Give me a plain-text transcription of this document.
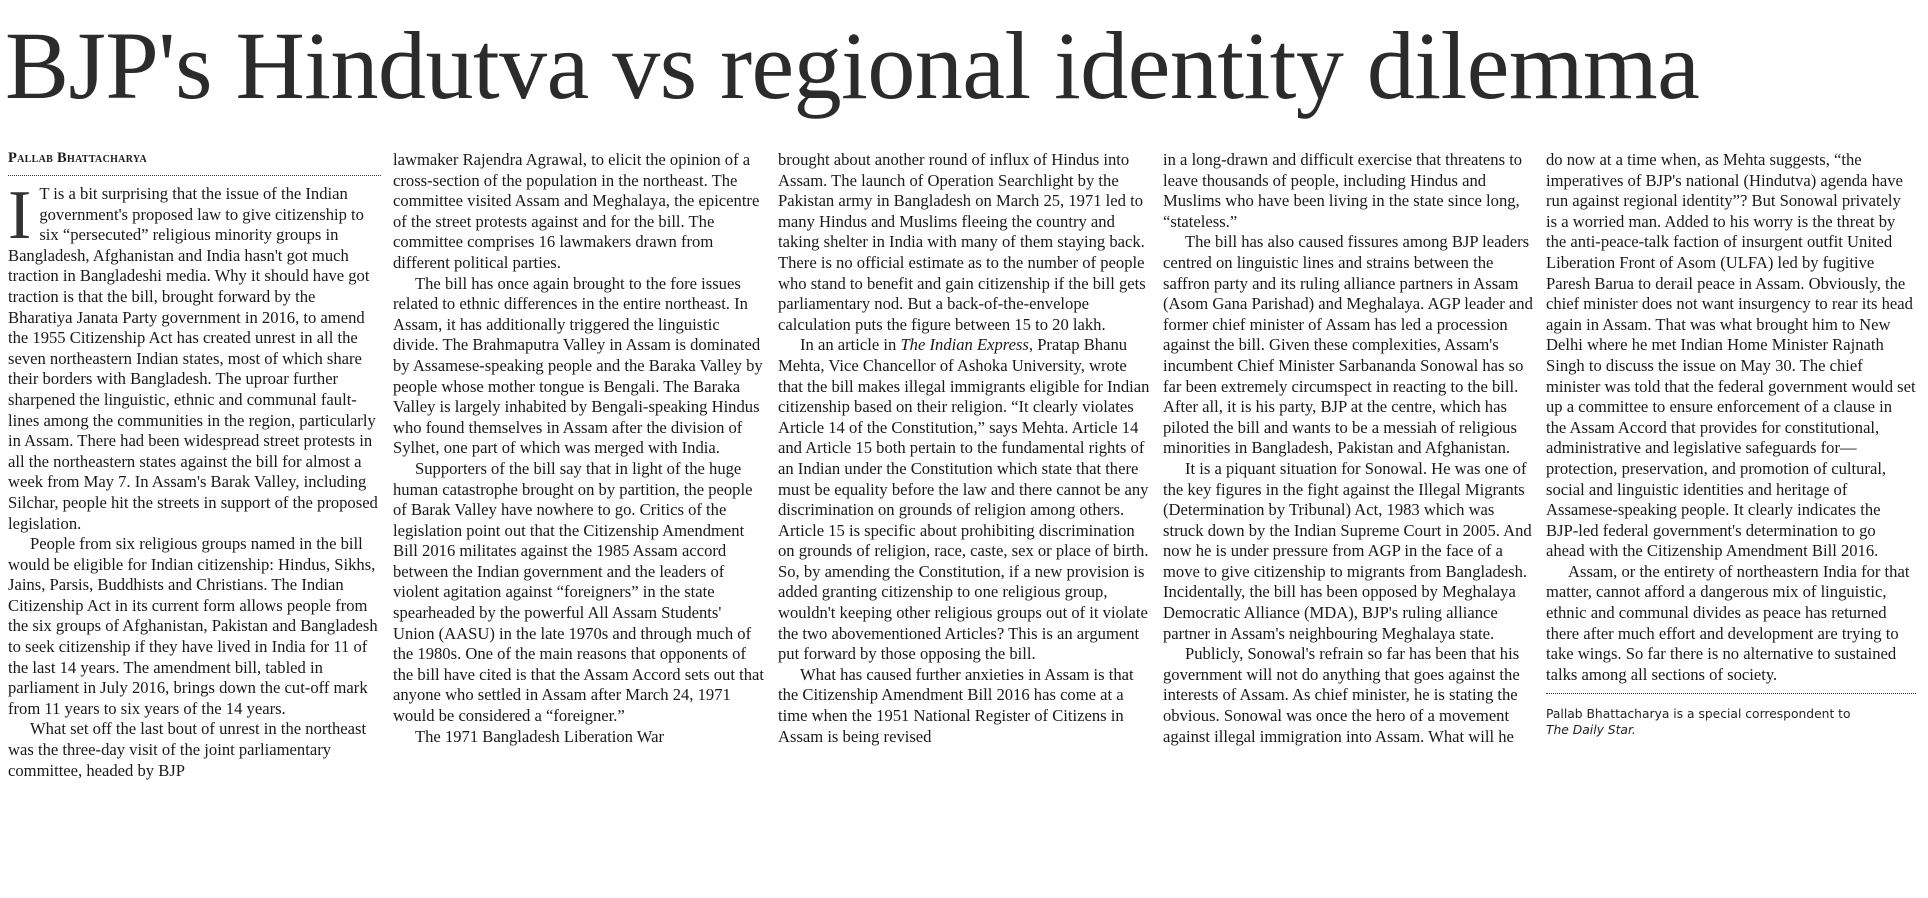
BJP's Hindutva vs regional identity dilemma
Pallab Bhattacharya

I T is a bit surprising that the issue of the Indian government's proposed law to give citizenship to six “persecuted” religious minority groups in Bangladesh, Afghanistan and India hasn't got much traction in Bangladeshi media. Why it should have got traction is that the bill, brought forward by the Bharatiya Janata Party government in 2016, to amend the 1955 Citizenship Act has created unrest in all the seven northeastern Indian states, most of which share their borders with Bangladesh. The uproar further sharpened the linguistic, ethnic and communal fault-lines among the communities in the region, particularly in Assam. There had been widespread street protests in all the northeastern states against the bill for almost a week from May 7. In Assam's Barak Valley, including Silchar, people hit the streets in support of the proposed legislation.

People from six religious groups named in the bill would be eligible for Indian citizenship: Hindus, Sikhs, Jains, Parsis, Buddhists and Christians. The Indian Citizenship Act in its current form allows people from the six groups of Afghanistan, Pakistan and Bangladesh to seek citizenship if they have lived in India for 11 of the last 14 years. The amendment bill, tabled in parliament in July 2016, brings down the cut-off mark from 11 years to six years of the 14 years.

What set off the last bout of unrest in the northeast was the three-day visit of the joint parliamentary committee, headed by BJP

lawmaker Rajendra Agrawal, to elicit the opinion of a cross-section of the population in the northeast. The committee visited Assam and Meghalaya, the epicentre of the street protests against and for the bill. The committee comprises 16 lawmakers drawn from different political parties.

The bill has once again brought to the fore issues related to ethnic differences in the entire northeast. In Assam, it has additionally triggered the linguistic divide. The Brahmaputra Valley in Assam is dominated by Assamese-speaking people and the Baraka Valley by people whose mother tongue is Bengali. The Baraka Valley is largely inhabited by Bengali-speaking Hindus who found themselves in Assam after the division of Sylhet, one part of which was merged with India.

Supporters of the bill say that in light of the huge human catastrophe brought on by partition, the people of Barak Valley have nowhere to go. Critics of the legislation point out that the Citizenship Amendment Bill 2016 militates against the 1985 Assam accord between the Indian government and the leaders of violent agitation against “foreigners” in the state spearheaded by the powerful All Assam Students' Union (AASU) in the late 1970s and through much of the 1980s. One of the main reasons that opponents of the bill have cited is that the Assam Accord sets out that anyone who settled in Assam after March 24, 1971 would be considered a “foreigner.”

The 1971 Bangladesh Liberation War

brought about another round of influx of Hindus into Assam. The launch of Operation Searchlight by the Pakistan army in Bangladesh on March 25, 1971 led to many Hindus and Muslims fleeing the country and taking shelter in India with many of them staying back. There is no official estimate as to the number of people who stand to benefit and gain citizenship if the bill gets parliamentary nod. But a back-of-the-envelope calculation puts the figure between 15 to 20 lakh.

In an article in The Indian Express, Pratap Bhanu Mehta, Vice Chancellor of Ashoka University, wrote that the bill makes illegal immigrants eligible for Indian citizenship based on their religion. “It clearly violates Article 14 of the Constitution,” says Mehta. Article 14 and Article 15 both pertain to the fundamental rights of an Indian under the Constitution which state that there must be equality before the law and there cannot be any discrimination on grounds of religion among others. Article 15 is specific about prohibiting discrimination on grounds of religion, race, caste, sex or place of birth. So, by amending the Constitution, if a new provision is added granting citizenship to one religious group, wouldn't keeping other religious groups out of it violate the two abovementioned Articles? This is an argument put forward by those opposing the bill.

What has caused further anxieties in Assam is that the Citizenship Amendment Bill 2016 has come at a time when the 1951 National Register of Citizens in Assam is being revised

in a long-drawn and difficult exercise that threatens to leave thousands of people, including Hindus and Muslims who have been living in the state since long, “stateless.”

The bill has also caused fissures among BJP leaders centred on linguistic lines and strains between the saffron party and its ruling alliance partners in Assam (Asom Gana Parishad) and Meghalaya. AGP leader and former chief minister of Assam has led a procession against the bill. Given these complexities, Assam's incumbent Chief Minister Sarbananda Sonowal has so far been extremely circumspect in reacting to the bill. After all, it is his party, BJP at the centre, which has piloted the bill and wants to be a messiah of religious minorities in Bangladesh, Pakistan and Afghanistan.

It is a piquant situation for Sonowal. He was one of the key figures in the fight against the Illegal Migrants (Determination by Tribunal) Act, 1983 which was struck down by the Indian Supreme Court in 2005. And now he is under pressure from AGP in the face of a move to give citizenship to migrants from Bangladesh. Incidentally, the bill has been opposed by Meghalaya Democratic Alliance (MDA), BJP's ruling alliance partner in Assam's neighbouring Meghalaya state.

Publicly, Sonowal's refrain so far has been that his government will not do anything that goes against the interests of Assam. As chief minister, he is stating the obvious. Sonowal was once the hero of a movement against illegal immigration into Assam. What will he

do now at a time when, as Mehta suggests, “the imperatives of BJP's national (Hindutva) agenda have run against regional identity”? But Sonowal privately is a worried man. Added to his worry is the threat by the anti-peace-talk faction of insurgent outfit United Liberation Front of Asom (ULFA) led by fugitive Paresh Barua to derail peace in Assam. Obviously, the chief minister does not want insurgency to rear its head again in Assam. That was what brought him to New Delhi where he met Indian Home Minister Rajnath Singh to discuss the issue on May 30. The chief minister was told that the federal government would set up a committee to ensure enforcement of a clause in the Assam Accord that provides for constitutional, administrative and legislative safeguards for—protection, preservation, and promotion of cultural, social and linguistic identities and heritage of Assamese-speaking people. It clearly indicates the BJP-led federal government's determination to go ahead with the Citizenship Amendment Bill 2016.

Assam, or the entirety of northeastern India for that matter, cannot afford a dangerous mix of linguistic, ethnic and communal divides as peace has returned there after much effort and development are trying to take wings. So far there is no alternative to sustained talks among all sections of society.

Pallab Bhattacharya is a special correspondent to
The Daily Star.
